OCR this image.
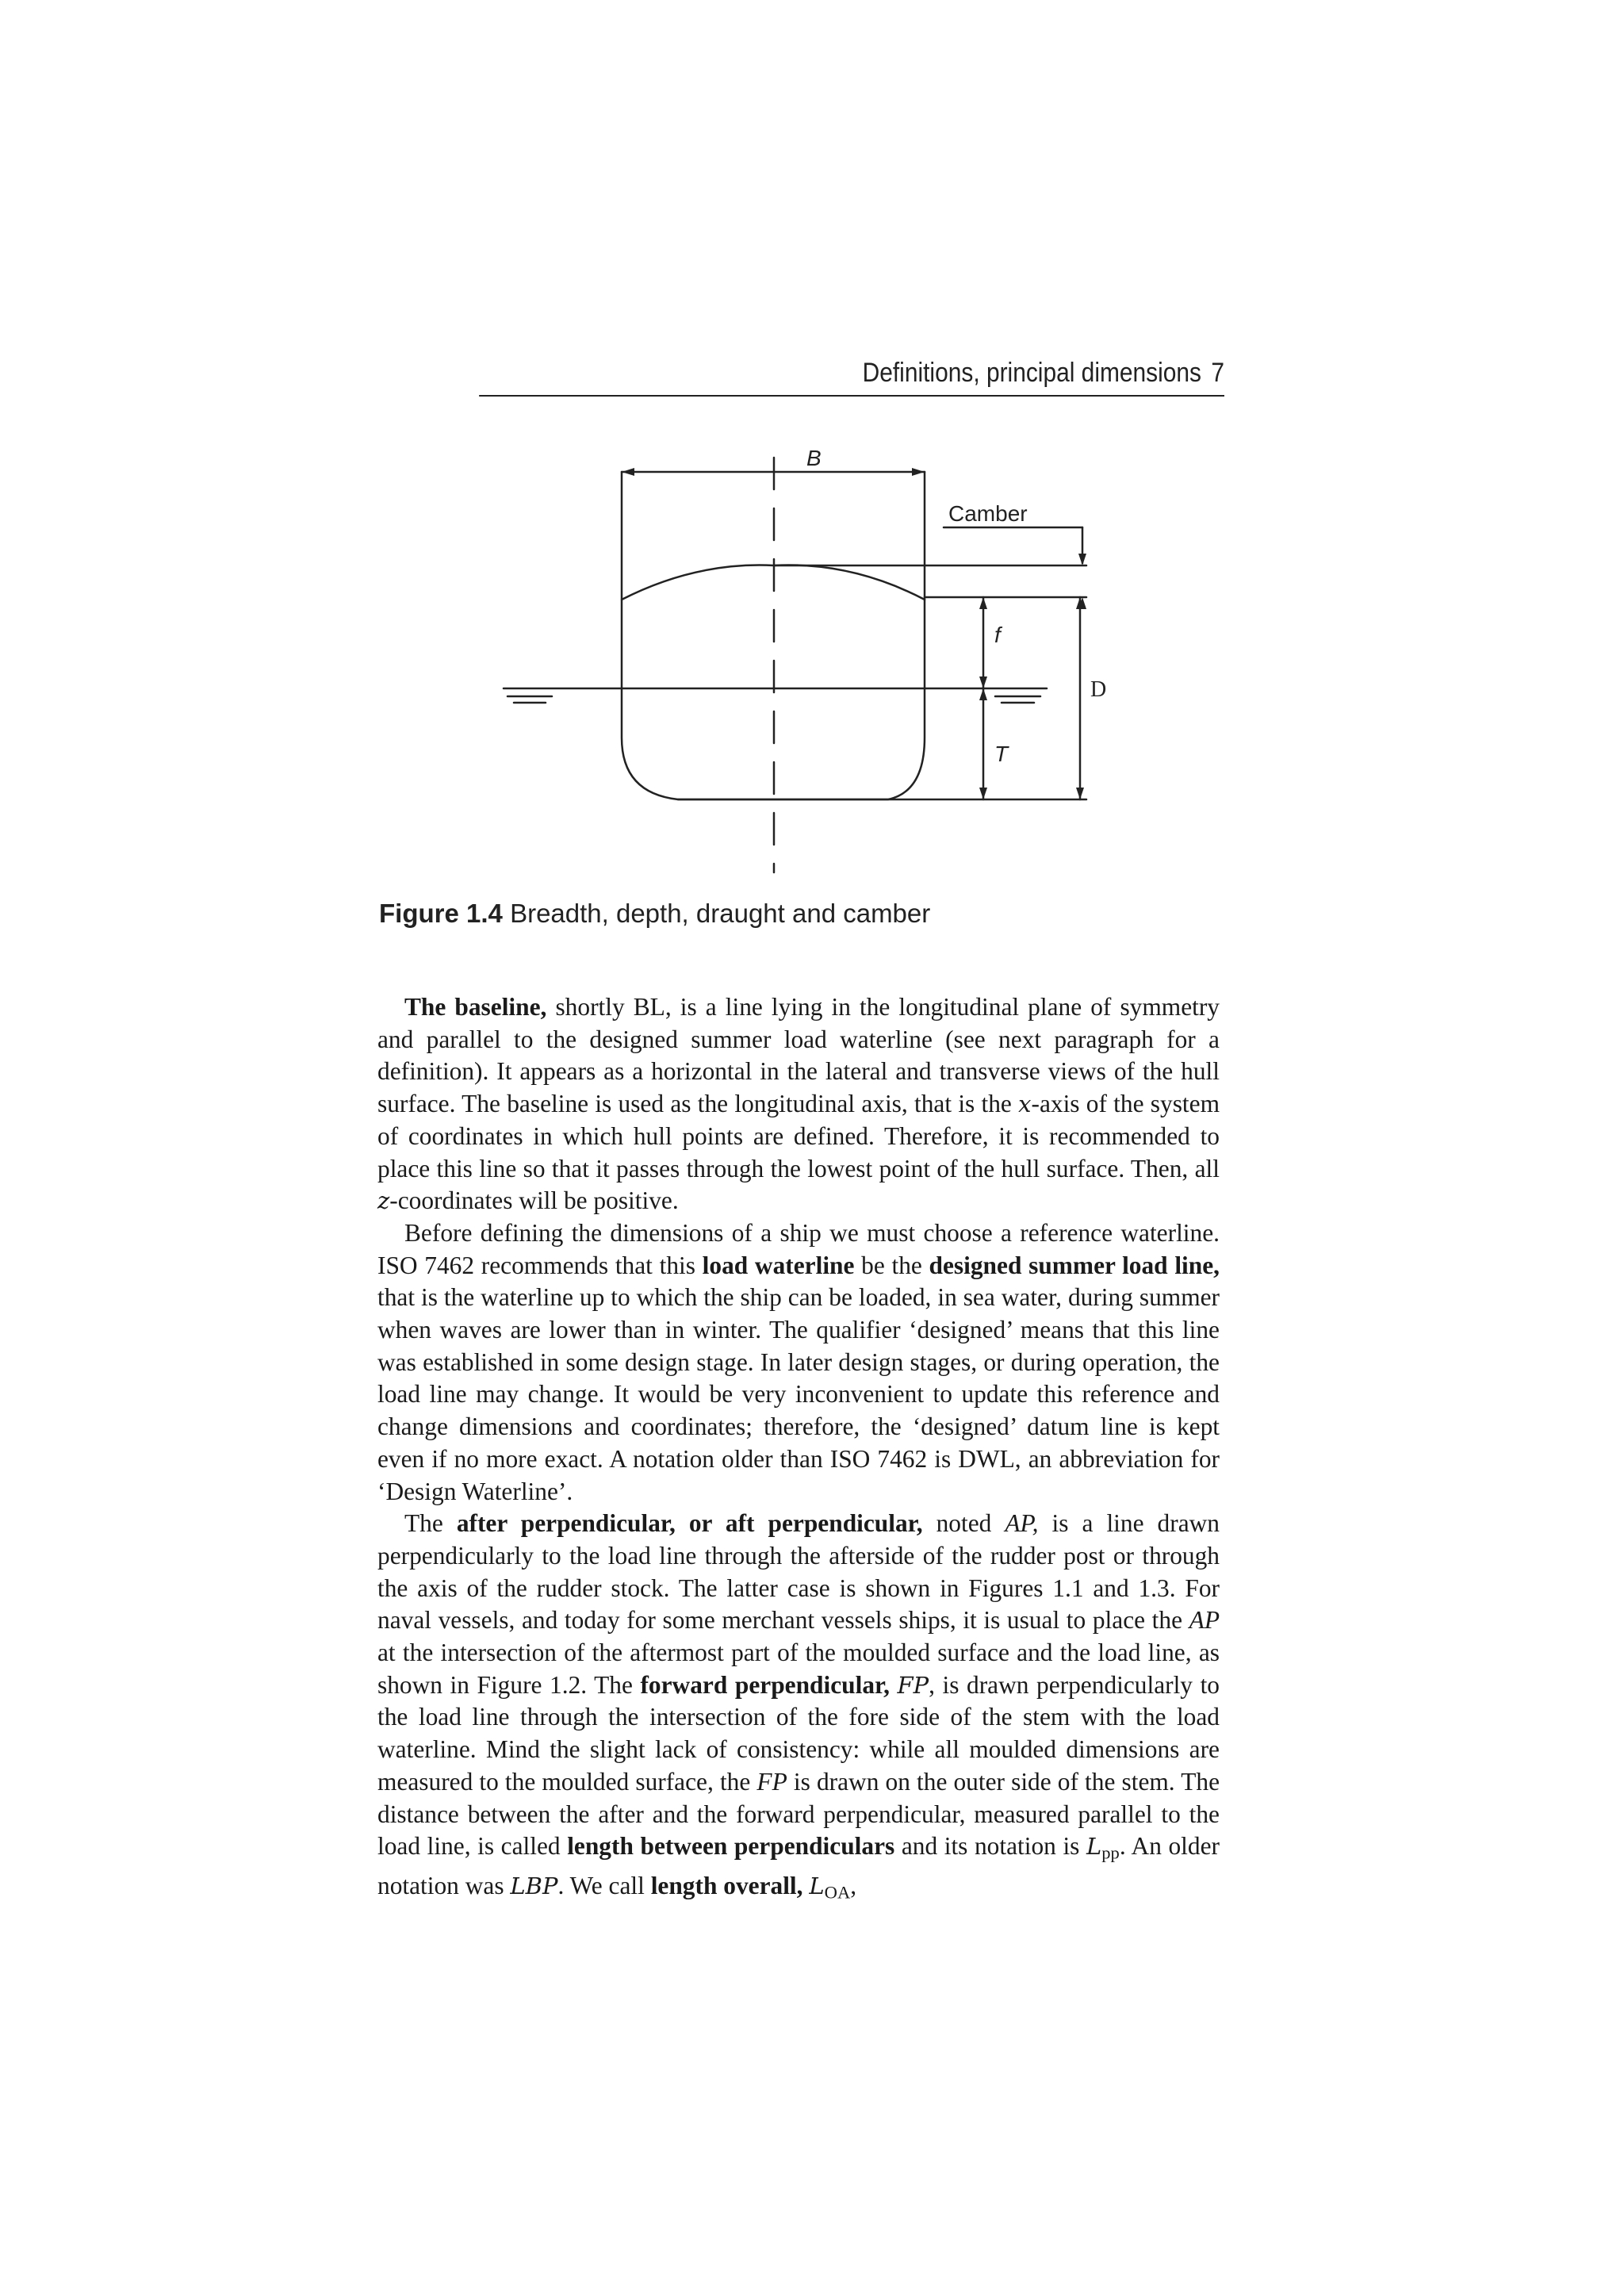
Definitions, principal dimensions 7
B
Camber
f
T
D
Figure 1.4 Breadth, depth, draught and camber

The baseline, shortly BL, is a line lying in the longitudinal plane of symmetry and parallel to the designed summer load waterline (see next paragraph for a definition). It appears as a horizontal in the lateral and transverse views of the hull surface. The baseline is used as the longitudinal axis, that is the x-axis of the system of coordinates in which hull points are defined. Therefore, it is recommended to place this line so that it passes through the lowest point of the hull surface. Then, all z-coordinates will be positive.

Before defining the dimensions of a ship we must choose a reference waterline. ISO 7462 recommends that this load waterline be the designed summer load line, that is the waterline up to which the ship can be loaded, in sea water, during summer when waves are lower than in winter. The qualifier ‘designed’ means that this line was established in some design stage. In later design stages, or during operation, the load line may change. It would be very inconvenient to update this reference and change dimensions and coordinates; therefore, the ‘designed’ datum line is kept even if no more exact. A notation older than ISO 7462 is DWL, an abbreviation for ‘Design Waterline’.

The after perpendicular, or aft perpendicular, noted AP, is a line drawn perpendicularly to the load line through the afterside of the rudder post or through the axis of the rudder stock. The latter case is shown in Figures 1.1 and 1.3. For naval vessels, and today for some merchant vessels ships, it is usual to place the AP at the intersection of the aftermost part of the moulded surface and the load line, as shown in Figure 1.2. The forward perpendicular, FP, is drawn perpendicularly to the load line through the intersection of the fore side of the stem with the load waterline. Mind the slight lack of consistency: while all moulded dimensions are measured to the moulded surface, the FP is drawn on the outer side of the stem. The distance between the after and the forward perpendicular, measured parallel to the load line, is called length between perpendiculars and its notation is $L_{pp}$. An older notation was LBP. We call length overall, $L_{OA}$,
